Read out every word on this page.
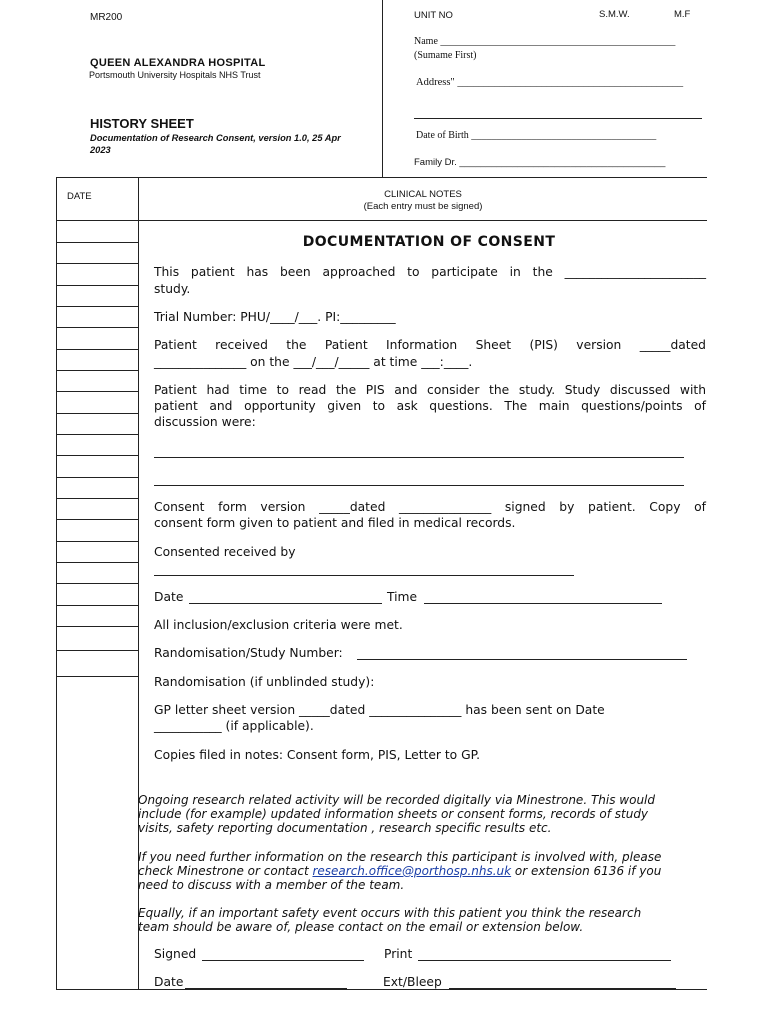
MR200
QUEEN ALEXANDRA HOSPITAL
Portsmouth University Hospitals NHS Trust
HISTORY SHEET
Documentation of Research Consent, version 1.0, 25 Apr
2023
UNIT NO	S.M.W.	M.F
Name _______________________________________________
(Sumame First)
Address" ___________________________________________
Date of Birth _____________________________________
Family Dr. _______________________________________
DATE	CLINICAL NOTES
(Each entry must be signed)
DOCUMENTATION OF CONSENT
This patient has been approached to participate in the _______________________
study.
Trial Number: PHU/____/___. PI:_________
Patient received the Patient Information Sheet (PIS) version _____dated
_______________ on the ___/___/_____ at time ___:____.
Patient had time to read the PIS and consider the study. Study discussed with
patient and opportunity given to ask questions. The main questions/points of
discussion were:
Consent form version _____dated _______________ signed by patient. Copy of
consent form given to patient and filed in medical records.
Consented received by
Date	Time
All inclusion/exclusion criteria were met.
Randomisation/Study Number:
Randomisation (if unblinded study):
GP letter sheet version _____dated _______________ has been sent on Date
___________ (if applicable).
Copies filed in notes: Consent form, PIS, Letter to GP.
Ongoing research related activity will be recorded digitally via Minestrone. This would
include (for example) updated information sheets or consent forms, records of study
visits, safety reporting documentation , research specific results etc.
If you need further information on the research this participant is involved with, please
check Minestrone or contact research.office@porthosp.nhs.uk or extension 6136 if you
need to discuss with a member of the team.
Equally, if an important safety event occurs with this patient you think the research
team should be aware of, please contact on the email or extension below.
Signed	Print
Date	Ext/Bleep
